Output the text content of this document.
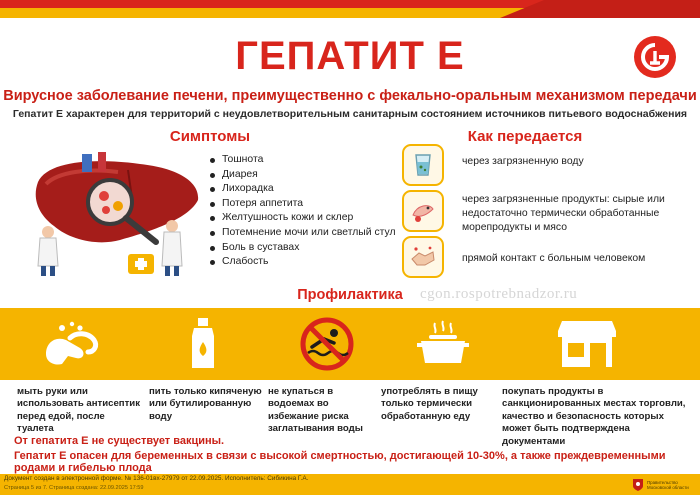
ГЕПАТИТ Е
Вирусное заболевание печени, преимущественно с фекально-оральным механизмом передачи
Гепатит Е характерен для территорий с неудовлетворительным санитарным состоянием источников питьевого водоснабжения
Симптомы
Тошнота
Диарея
Лихорадка
Потеря аппетита
Желтушность кожи и склер
Потемнение мочи или светлый стул
Боль в суставах
Слабость
Как передается
через загрязненную воду
через загрязненные продукты: сырые или недостаточно термически обработанные морепродукты и мясо
прямой контакт с больным человеком
Профилактика	cgon.rospotrebnadzor.ru
мыть руки или использовать антисептик перед едой, после туалета
пить только кипяченую или бутилированную воду
не купаться в водоемах во избежание риска заглатывания воды
употреблять в пищу только термически обработанную еду
покупать продукты в санкционированных местах торговли, качество и безопасность которых может быть подтверждена документами
От гепатита Е не существует вакцины.
Гепатит Е опасен для беременных в связи с высокой смертностью, достигающей 10-30%, а также преждевременными родами и гибелью плода
Документ создан в электронной форме. № 136-01вх-27979 от 22.09.2025. Исполнитель: Сибикина Г.А.
Страница 5 из 7. Страница создана: 22.09.2025 17:59
Правительство
Московской области
